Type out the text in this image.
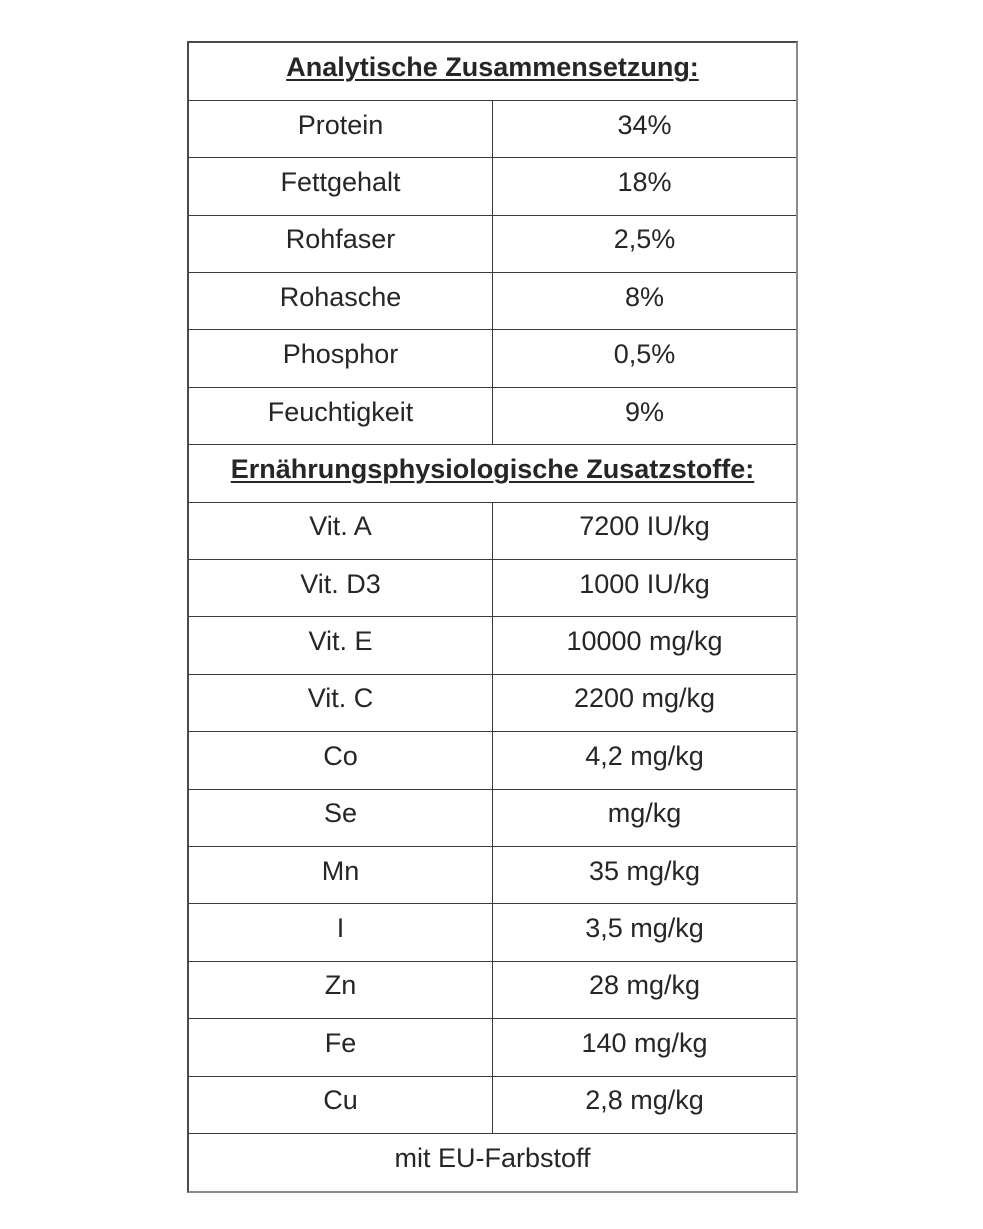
Analytische Zusammensetzung:	
Protein	34%
Fettgehalt	18%
Rohfaser	2,5%
Rohasche	8%
Phosphor	0,5%
Feuchtigkeit	9%
Ernährungsphysiologische Zusatzstoffe:	
Vit. A	7200 IU/kg
Vit. D3	1000 IU/kg
Vit. E	10000 mg/kg
Vit. C	2200 mg/kg
Co	4,2 mg/kg
Se	mg/kg
Mn	35 mg/kg
I	3,5 mg/kg
Zn	28 mg/kg
Fe	140 mg/kg
Cu	2,8 mg/kg
mit EU-Farbstoff	
